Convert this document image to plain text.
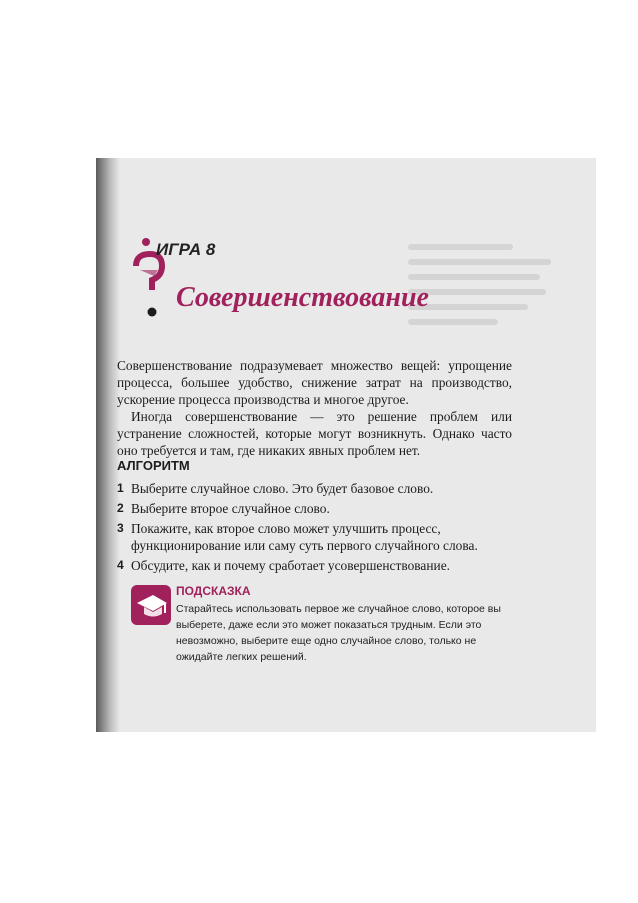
ИГРА 8
Совершенствование

Совершенствование подразумевает множество вещей: упрощение процесса, большее удобство, снижение затрат на производство, ускорение процесса производства и многое другое.

Иногда совершенствование — это решение проблем или устранение сложностей, которые могут возникнуть. Однако часто оно требуется и там, где никаких явных проблем нет.

АЛГОРИТМ
1 Выберите случайное слово. Это будет базовое слово.
2 Выберите второе случайное слово.
3 Покажите, как второе слово может улучшить процесс, функционирование или саму суть первого случайного слова.
4 Обсудите, как и почему сработает усовершенствование.
ПОДСКАЗКА
Старайтесь использовать первое же случайное слово, которое вы выберете, даже если это может показаться трудным. Если это невозможно, выберите еще одно случайное слово, только не ожидайте легких решений.
